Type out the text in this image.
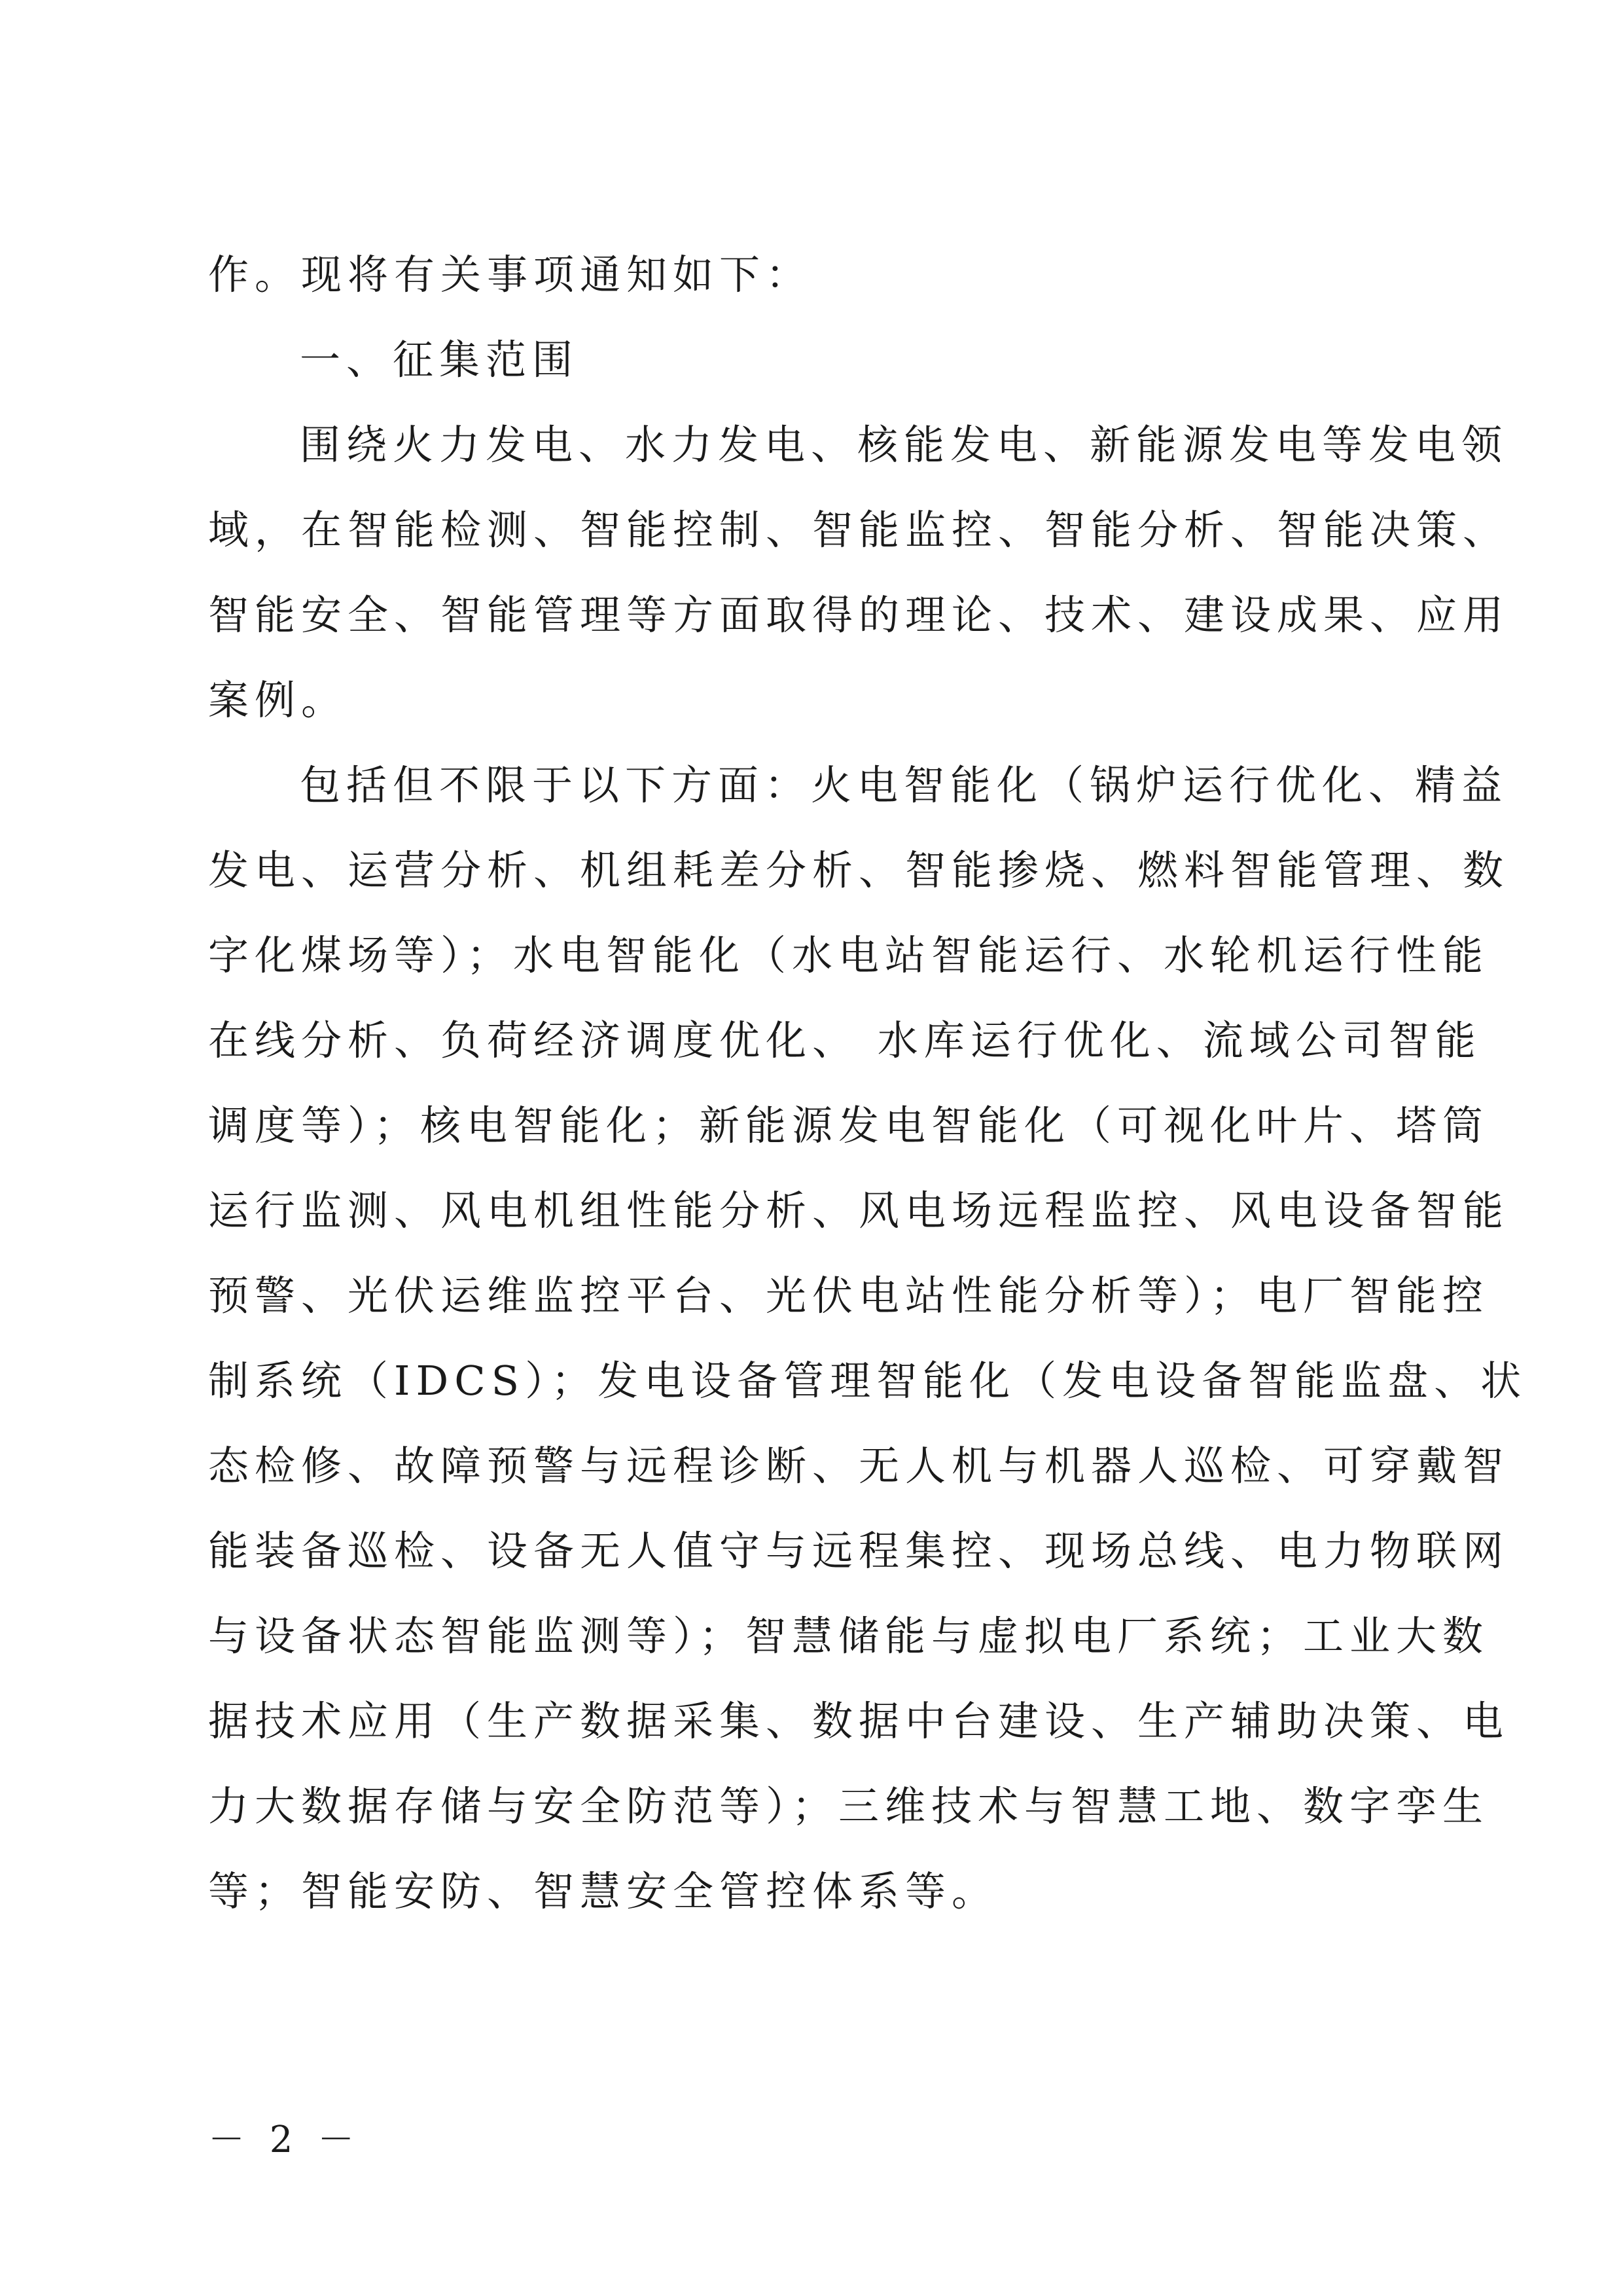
作。现将有关事项通知如下：
一、征集范围
围绕火力发电、水力发电、核能发电、新能源发电等发电领
域，在智能检测、智能控制、智能监控、智能分析、智能决策、
智能安全、智能管理等方面取得的理论、技术、建设成果、应用
案例。
包括但不限于以下方面：火电智能化（锅炉运行优化、精益
发电、运营分析、机组耗差分析、智能掺烧、燃料智能管理、数
字化煤场等）；水电智能化（水电站智能运行、水轮机运行性能
在线分析、负荷经济调度优化、 水库运行优化、流域公司智能
调度等）；核电智能化；新能源发电智能化（可视化叶片、塔筒
运行监测、风电机组性能分析、风电场远程监控、风电设备智能
预警、光伏运维监控平台、光伏电站性能分析等）；电厂智能控
制系统（IDCS）；发电设备管理智能化（发电设备智能监盘、状
态检修、故障预警与远程诊断、无人机与机器人巡检、可穿戴智
能装备巡检、设备无人值守与远程集控、现场总线、电力物联网
与设备状态智能监测等）；智慧储能与虚拟电厂系统；工业大数
据技术应用（生产数据采集、数据中台建设、生产辅助决策、电
力大数据存储与安全防范等）；三维技术与智慧工地、数字孪生
等；智能安防、智慧安全管控体系等。
－ 2 －
